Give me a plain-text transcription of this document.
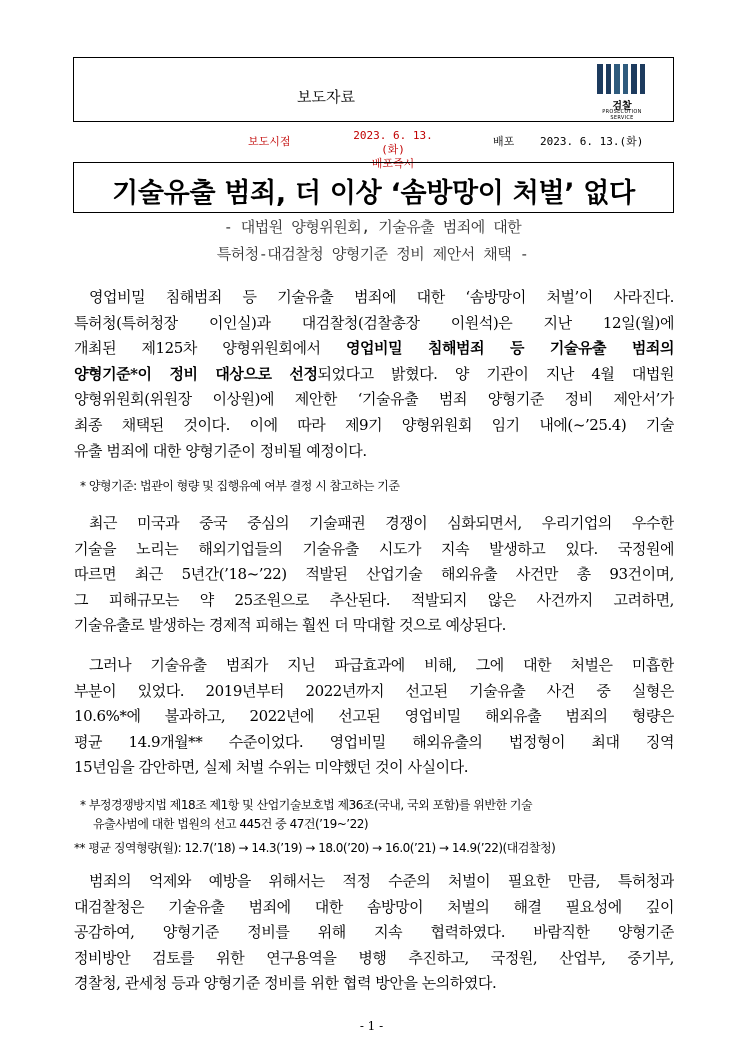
보도자료
검찰
PROSECUTION SERVICE
보도시점	2023. 6. 13.(화)
배포즉시
배포 2023. 6. 13.(화)
기술유출 범죄, 더 이상 ‘솜방망이 처벌’ 없다
- 대법원 양형위원회, 기술유출 범죄에 대한
특허청-대검찰청 양형기준 정비 제안서 채택 -
영업비밀 침해범죄 등 기술유출 범죄에 대한 ‘솜방망이 처벌’이 사라진다.
특허청(특허청장 이인실)과 대검찰청(검찰총장 이원석)은 지난 12일(월)에
개최된 제125차 양형위원회에서 영업비밀 침해범죄 등 기술유출 범죄의
양형기준*이 정비 대상으로 선정되었다고 밝혔다. 양 기관이 지난 4월 대법원
양형위원회(위원장 이상원)에 제안한 ‘기술유출 범죄 양형기준 정비 제안서’가
최종 채택된 것이다. 이에 따라 제9기 양형위원회 임기 내에(~’25.4) 기술
유출 범죄에 대한 양형기준이 정비될 예정이다.
* 양형기준: 법관이 형량 및 집행유예 여부 결정 시 참고하는 기준
최근 미국과 중국 중심의 기술패권 경쟁이 심화되면서, 우리기업의 우수한
기술을 노리는 해외기업들의 기술유출 시도가 지속 발생하고 있다. 국정원에
따르면 최근 5년간(’18~’22) 적발된 산업기술 해외유출 사건만 총 93건이며,
그 피해규모는 약 25조원으로 추산된다. 적발되지 않은 사건까지 고려하면,
기술유출로 발생하는 경제적 피해는 훨씬 더 막대할 것으로 예상된다.
그러나 기술유출 범죄가 지닌 파급효과에 비해, 그에 대한 처벌은 미흡한
부분이 있었다. 2019년부터 2022년까지 선고된 기술유출 사건 중 실형은
10.6%*에 불과하고, 2022년에 선고된 영업비밀 해외유출 범죄의 형량은
평균 14.9개월** 수준이었다. 영업비밀 해외유출의 법정형이 최대 징역
15년임을 감안하면, 실제 처벌 수위는 미약했던 것이 사실이다.
* 부정경쟁방지법 제18조 제1항 및 산업기술보호법 제36조(국내, 국외 포함)를 위반한 기술
유출사범에 대한 법원의 선고 445건 중 47건(’19~’22)
** 평균 징역형량(월): 12.7(’18) → 14.3(’19) → 18.0(’20) → 16.0(’21) → 14.9(’22)(대검찰청)
범죄의 억제와 예방을 위해서는 적정 수준의 처벌이 필요한 만큼, 특허청과
대검찰청은 기술유출 범죄에 대한 솜방망이 처벌의 해결 필요성에 깊이
공감하여, 양형기준 정비를 위해 지속 협력하였다. 바람직한 양형기준
정비방안 검토를 위한 연구용역을 병행 추진하고, 국정원, 산업부, 중기부,
경찰청, 관세청 등과 양형기준 정비를 위한 협력 방안을 논의하였다.
- 1 -
